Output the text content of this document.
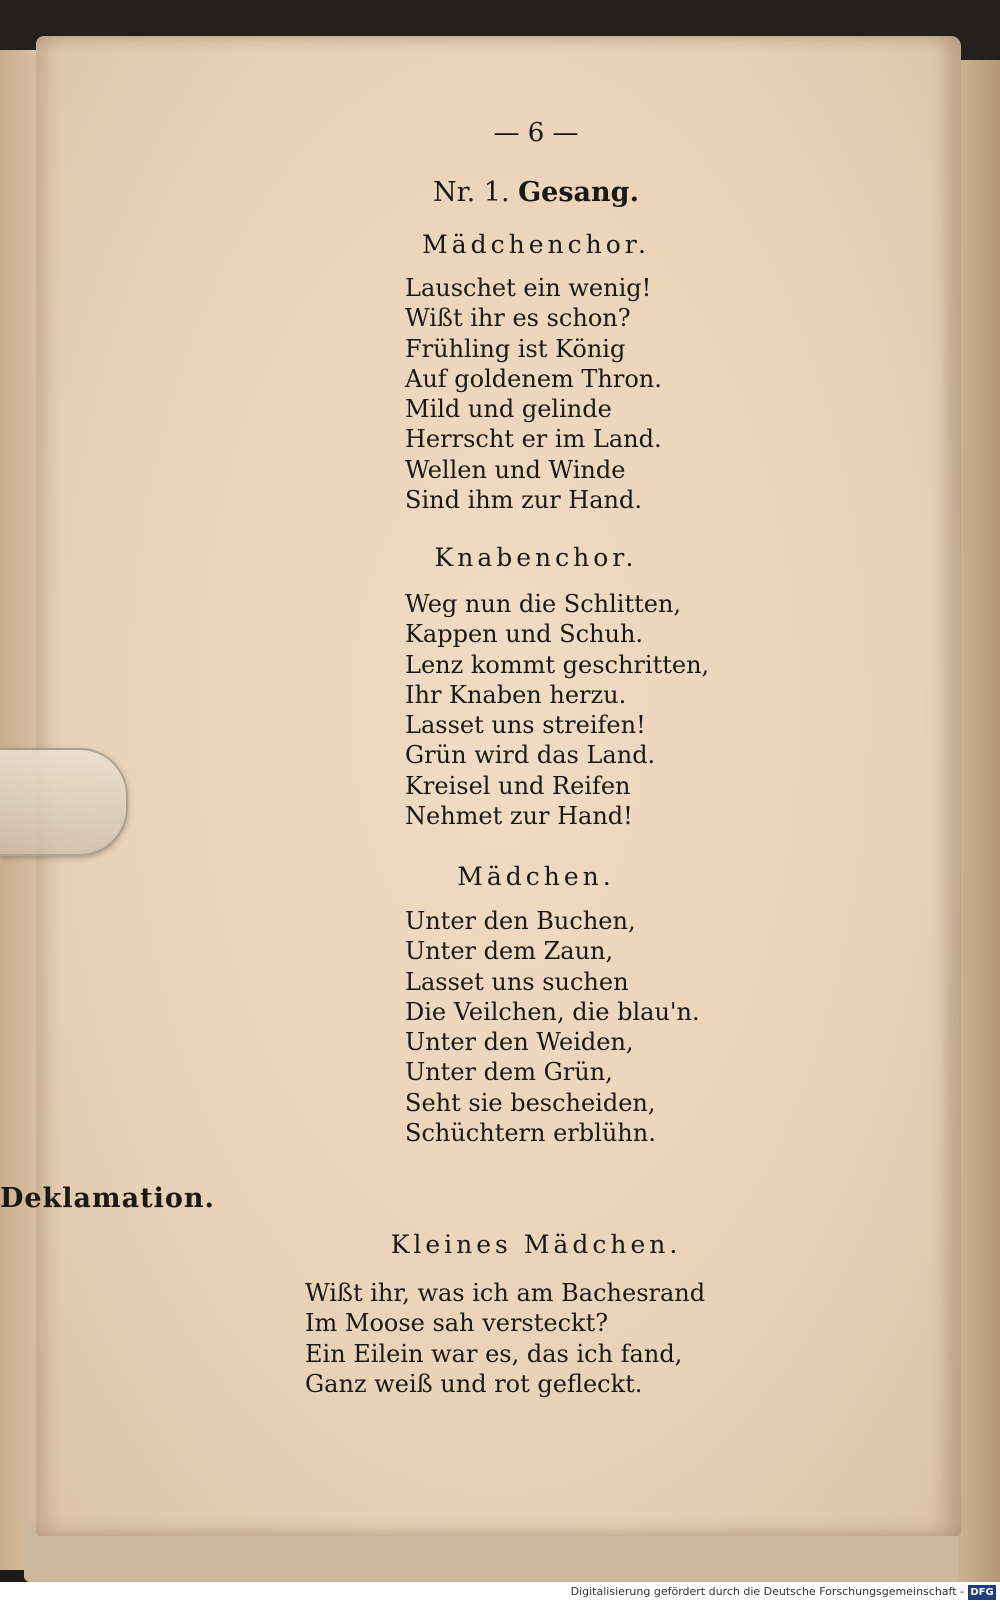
— 6 —
Nr. 1. Gesang.
Mädchenchor.
Lauschet ein wenig!
Wißt ihr es schon?
Frühling ist König
Auf goldenem Thron.
Mild und gelinde
Herrscht er im Land.
Wellen und Winde
Sind ihm zur Hand.
Knabenchor.
Weg nun die Schlitten,
Kappen und Schuh.
Lenz kommt geschritten,
Ihr Knaben herzu.
Lasset uns streifen!
Grün wird das Land.
Kreisel und Reifen
Nehmet zur Hand!
Mädchen.
Unter den Buchen,
Unter dem Zaun,
Lasset uns suchen
Die Veilchen, die blau'n.
Unter den Weiden,
Unter dem Grün,
Seht sie bescheiden,
Schüchtern erblühn.
Deklamation.
Kleines Mädchen.
Wißt ihr, was ich am Bachesrand
Im Moose sah versteckt?
Ein Eilein war es, das ich fand,
Ganz weiß und rot gefleckt.
Digitalisierung gefördert durch die Deutsche Forschungsgemeinschaft - DFG
